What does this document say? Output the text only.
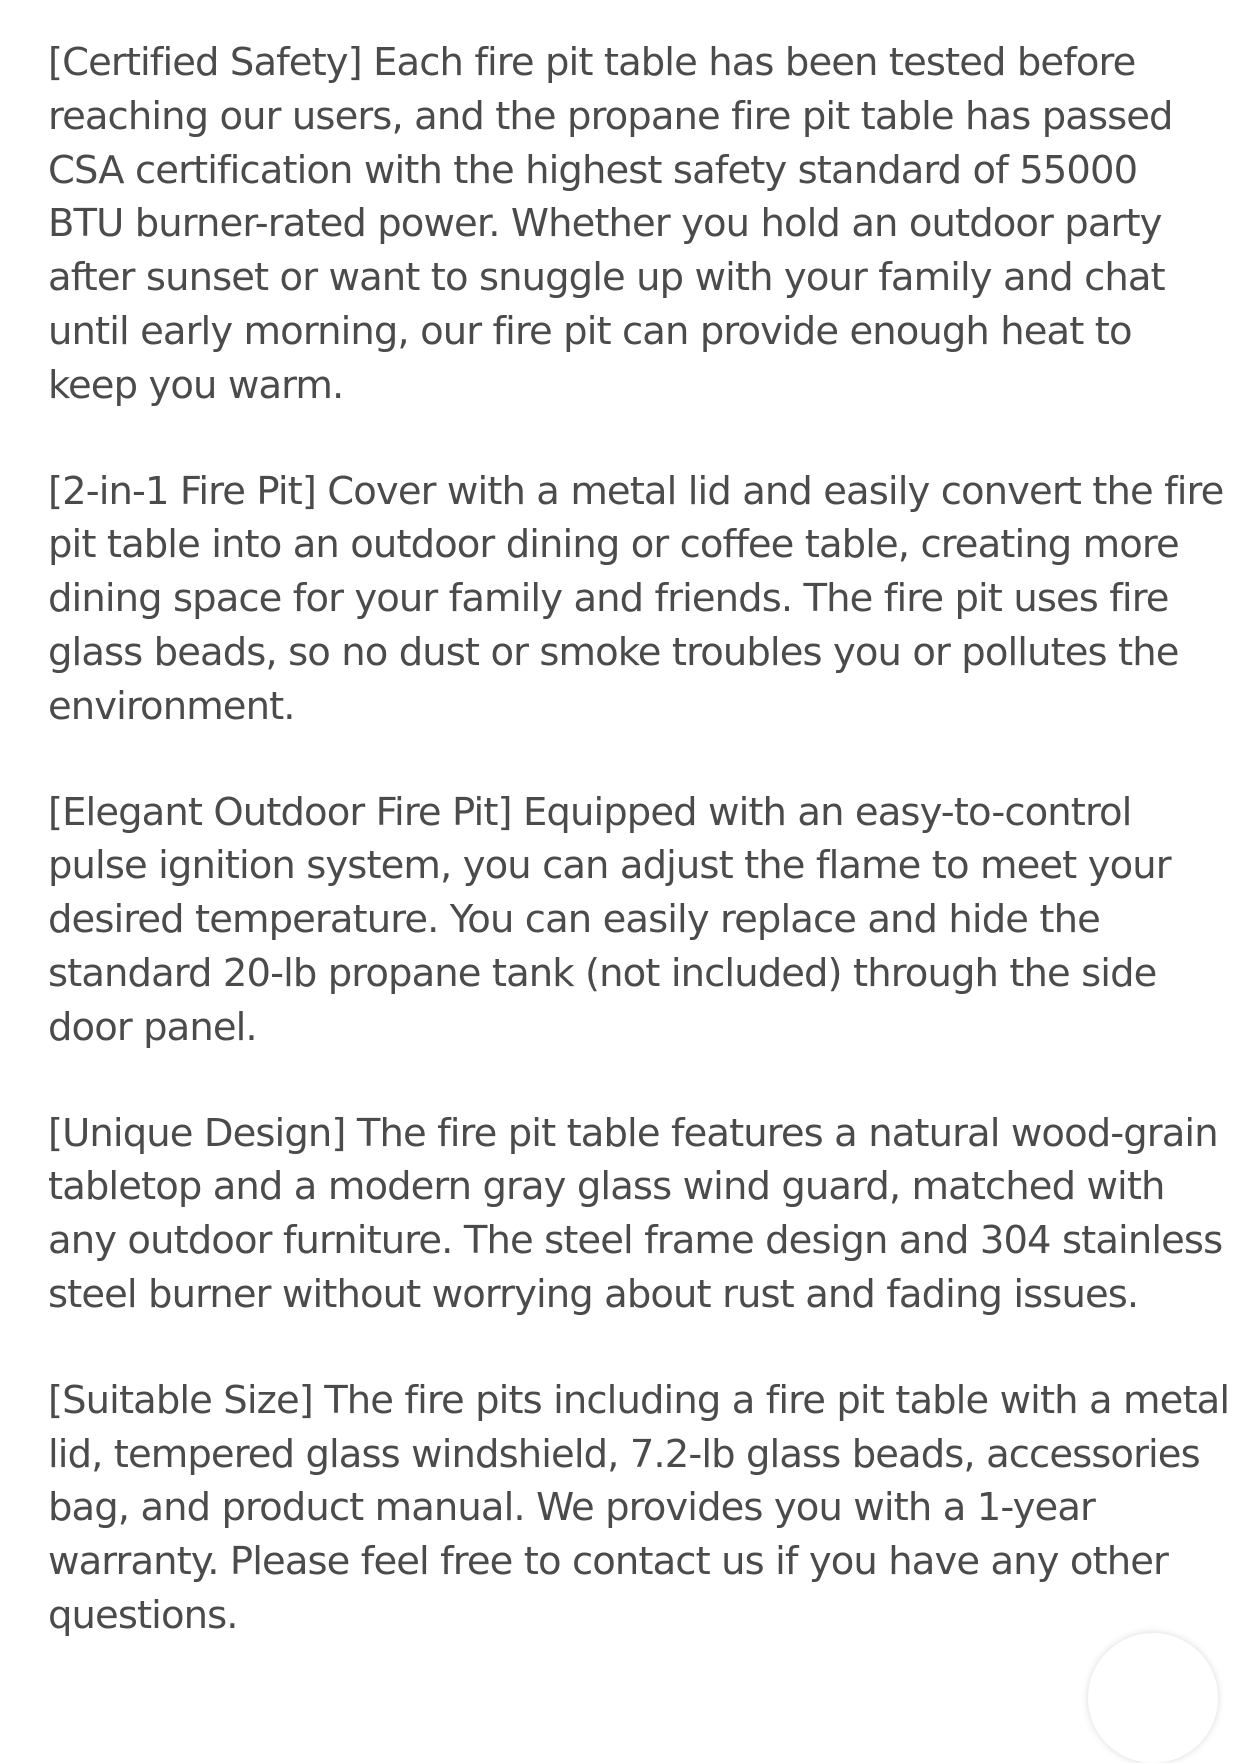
[Certified Safety] Each fire pit table has been tested before
reaching our users, and the propane fire pit table has passed
CSA certification with the highest safety standard of 55000
BTU burner-rated power. Whether you hold an outdoor party
after sunset or want to snuggle up with your family and chat
until early morning, our fire pit can provide enough heat to
keep you warm.

[2-in-1 Fire Pit] Cover with a metal lid and easily convert the fire
pit table into an outdoor dining or coffee table, creating more
dining space for your family and friends. The fire pit uses fire
glass beads, so no dust or smoke troubles you or pollutes the
environment.

[Elegant Outdoor Fire Pit] Equipped with an easy-to-control
pulse ignition system, you can adjust the flame to meet your
desired temperature. You can easily replace and hide the
standard 20-lb propane tank (not included) through the side
door panel.

[Unique Design] The fire pit table features a natural wood-grain
tabletop and a modern gray glass wind guard, matched with
any outdoor furniture. The steel frame design and 304 stainless
steel burner without worrying about rust and fading issues.

[Suitable Size] The fire pits including a fire pit table with a metal
lid, tempered glass windshield, 7.2-lb glass beads, accessories
bag, and product manual. We provides you with a 1-year
warranty. Please feel free to contact us if you have any other
questions.
